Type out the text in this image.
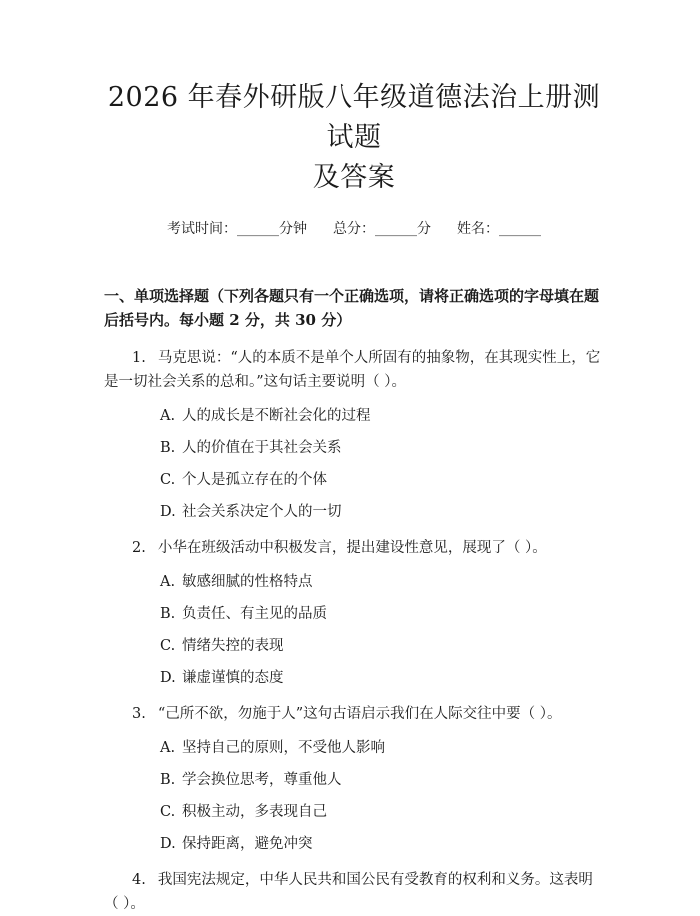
2026 年春外研版八年级道德法治上册测试题
及答案
考试时间：______分钟 总分：______分 姓名：______
一、单项选择题（下列各题只有一个正确选项，请将正确选项的字母填在题后括号内。每小题 2 分，共 30 分）
1. 马克思说：“人的本质不是单个人所固有的抽象物，在其现实性上，它是一切社会关系的总和。”这句话主要说明（ ）。
A. 人的成长是不断社会化的过程
B. 人的价值在于其社会关系
C. 个人是孤立存在的个体
D. 社会关系决定个人的一切
2. 小华在班级活动中积极发言，提出建设性意见，展现了（ ）。
A. 敏感细腻的性格特点
B. 负责任、有主见的品质
C. 情绪失控的表现
D. 谦虚谨慎的态度
3. “己所不欲，勿施于人”这句古语启示我们在人际交往中要（ ）。
A. 坚持自己的原则，不受他人影响
B. 学会换位思考，尊重他人
C. 积极主动，多表现自己
D. 保持距离，避免冲突
4. 我国宪法规定，中华人民共和国公民有受教育的权利和义务。这表明（ ）。
